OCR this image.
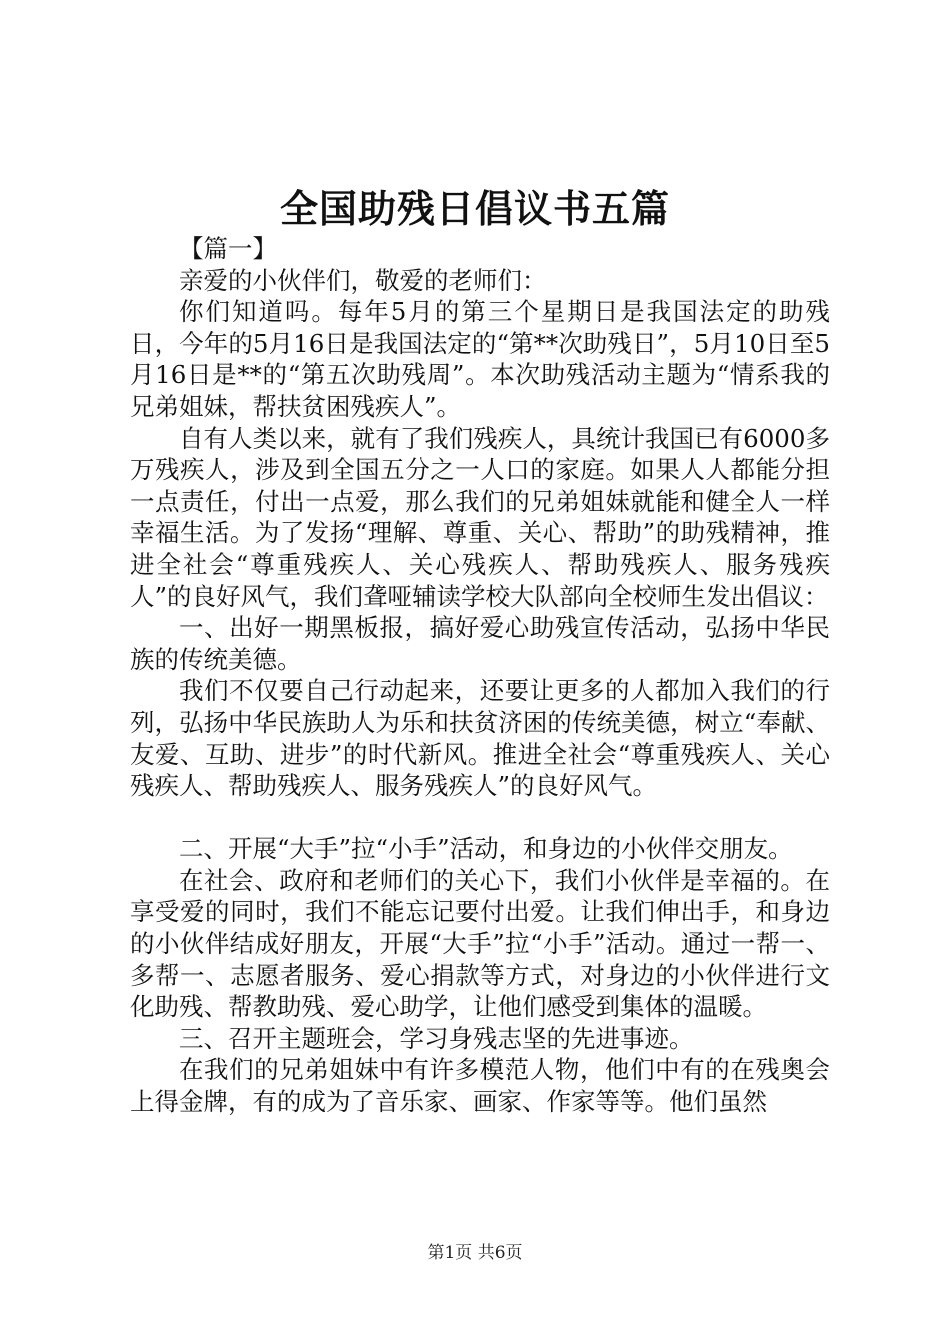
全国助残日倡议书五篇

【篇一】

亲爱的小伙伴们，敬爱的老师们：

你们知道吗。每年5月的第三个星期日是我国法定的助残日，今年的5月16日是我国法定的“第**次助残日”，5月10日至5月16日是**的“第五次助残周”。本次助残活动主题为“情系我的兄弟姐妹，帮扶贫困残疾人”。

自有人类以来，就有了我们残疾人，具统计我国已有6000多万残疾人，涉及到全国五分之一人口的家庭。如果人人都能分担一点责任，付出一点爱，那么我们的兄弟姐妹就能和健全人一样幸福生活。为了发扬“理解、尊重、关心、帮助”的助残精神，推进全社会“尊重残疾人、关心残疾人、帮助残疾人、服务残疾人”的良好风气，我们聋哑辅读学校大队部向全校师生发出倡议：

一、出好一期黑板报，搞好爱心助残宣传活动，弘扬中华民族的传统美德。

我们不仅要自己行动起来，还要让更多的人都加入我们的行列，弘扬中华民族助人为乐和扶贫济困的传统美德，树立“奉献、友爱、互助、进步”的时代新风。推进全社会“尊重残疾人、关心残疾人、帮助残疾人、服务残疾人”的良好风气。

二、开展“大手”拉“小手”活动，和身边的小伙伴交朋友。

在社会、政府和老师们的关心下，我们小伙伴是幸福的。在享受爱的同时，我们不能忘记要付出爱。让我们伸出手，和身边的小伙伴结成好朋友，开展“大手”拉“小手”活动。通过一帮一、多帮一、志愿者服务、爱心捐款等方式，对身边的小伙伴进行文化助残、帮教助残、爱心助学，让他们感受到集体的温暖。

三、召开主题班会，学习身残志坚的先进事迹。

在我们的兄弟姐妹中有许多模范人物，他们中有的在残奥会上得金牌，有的成为了音乐家、画家、作家等等。他们虽然

第1页 共6页
